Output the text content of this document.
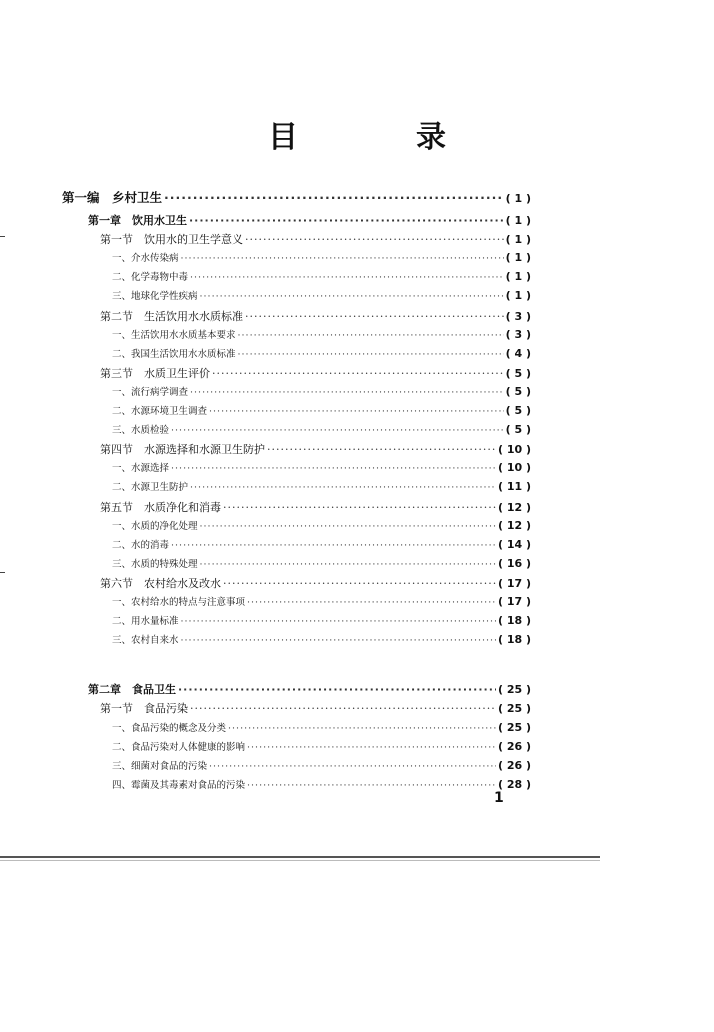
目　录
第一编　乡村卫生 ·····	( 1 )
第一章　饮用水卫生 ·····	( 1 )
第一节　饮用水的卫生学意义 ·····	( 1 )
一、介水传染病 ·····	( 1 )
二、化学毒物中毒 ·····	( 1 )
三、地球化学性疾病 ·····	( 1 )
第二节　生活饮用水水质标准 ·····	( 3 )
一、生活饮用水水质基本要求 ·····	( 3 )
二、我国生活饮用水水质标准 ·····	( 4 )
第三节　水质卫生评价 ·····	( 5 )
一、流行病学调查 ·····	( 5 )
二、水源环境卫生调查 ·····	( 5 )
三、水质检验 ·····	( 5 )
第四节　水源选择和水源卫生防护 ·····	( 10 )
一、水源选择 ·····	( 10 )
二、水源卫生防护 ·····	( 11 )
第五节　水质净化和消毒 ·····	( 12 )
一、水质的净化处理 ·····	( 12 )
二、水的消毒 ·····	( 14 )
三、水质的特殊处理 ·····	( 16 )
第六节　农村给水及改水 ·····	( 17 )
一、农村给水的特点与注意事项 ·····	( 17 )
二、用水量标准 ·····	( 18 )
三、农村自来水 ·····	( 18 )
第二章　食品卫生 ·····	( 25 )
第一节　食品污染 ·····	( 25 )
一、食品污染的概念及分类 ·····	( 25 )
二、食品污染对人体健康的影响 ·····	( 26 )
三、细菌对食品的污染 ·····	( 26 )
四、霉菌及其毒素对食品的污染 ·····	( 28 )
1
